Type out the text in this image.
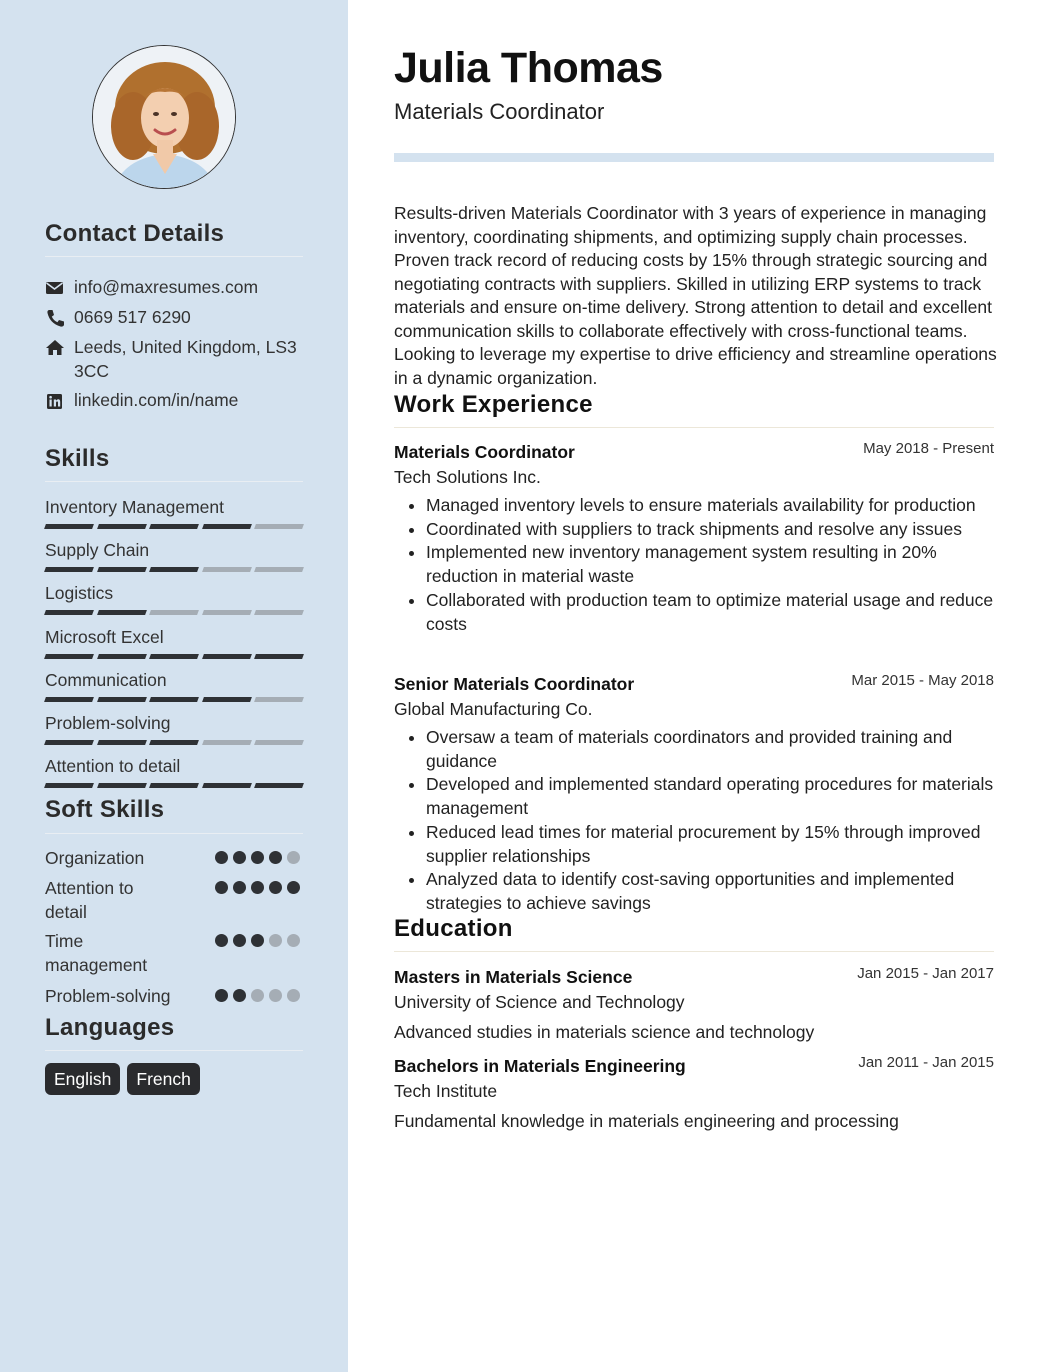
Contact Details
info@maxresumes.com
0669 517 6290
Leeds, United Kingdom, LS3 3CC
linkedin.com/in/name
Skills
Inventory Management
Supply Chain
Logistics
Microsoft Excel
Communication
Problem-solving
Attention to detail
Soft Skills
Organization
Attention to detail
Time management
Problem-solving
Languages
English	French
Julia Thomas
Materials Coordinator
Results-driven Materials Coordinator with 3 years of experience in managing inventory, coordinating shipments, and optimizing supply chain processes. Proven track record of reducing costs by 15% through strategic sourcing and negotiating contracts with suppliers. Skilled in utilizing ERP systems to track materials and ensure on-time delivery. Strong attention to detail and excellent communication skills to collaborate effectively with cross-functional teams. Looking to leverage my expertise to drive efficiency and streamline operations in a dynamic organization.
Work Experience
Materials Coordinator	May 2018 - Present
Tech Solutions Inc.
• Managed inventory levels to ensure materials availability for production
• Coordinated with suppliers to track shipments and resolve any issues
• Implemented new inventory management system resulting in 20% reduction in material waste
• Collaborated with production team to optimize material usage and reduce costs
Senior Materials Coordinator	Mar 2015 - May 2018
Global Manufacturing Co.
• Oversaw a team of materials coordinators and provided training and guidance
• Developed and implemented standard operating procedures for materials management
• Reduced lead times for material procurement by 15% through improved supplier relationships
• Analyzed data to identify cost-saving opportunities and implemented strategies to achieve savings
Education
Masters in Materials Science	Jan 2015 - Jan 2017
University of Science and Technology
Advanced studies in materials science and technology
Bachelors in Materials Engineering	Jan 2011 - Jan 2015
Tech Institute
Fundamental knowledge in materials engineering and processing
